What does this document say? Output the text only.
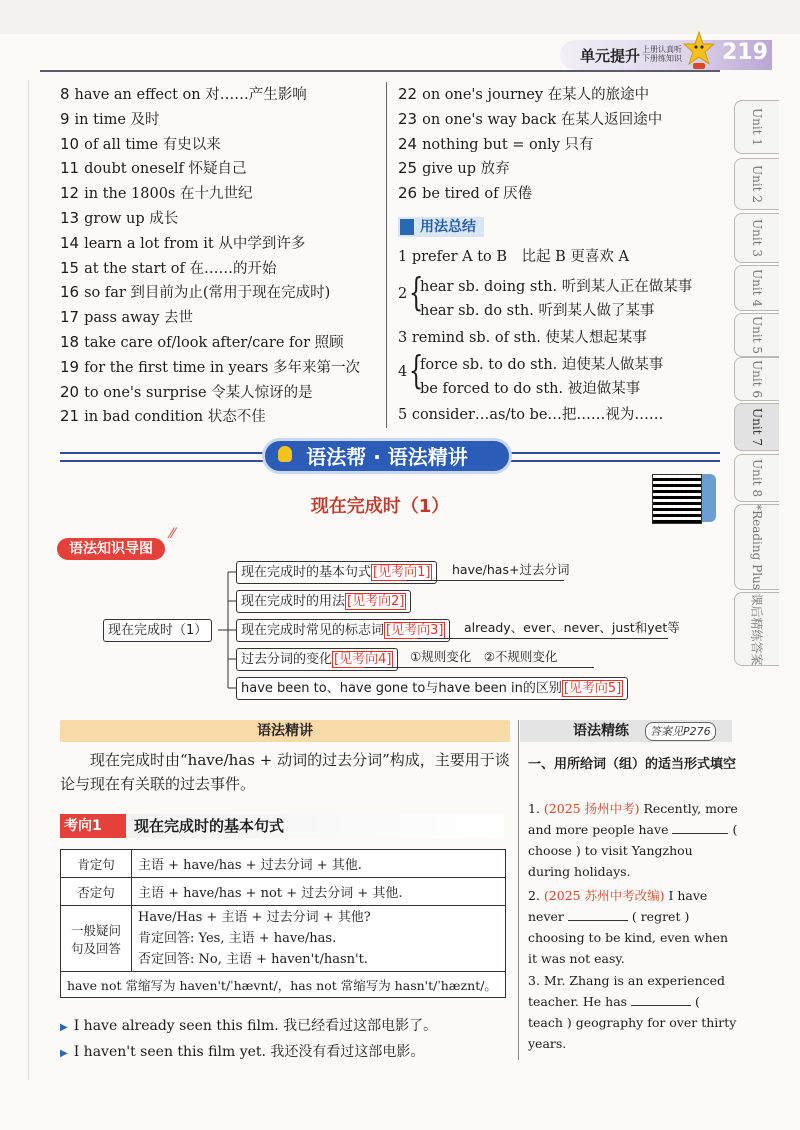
单元提升 上册认真听
下册练知识 219
8 have an effect on 对……产生影响
9 in time 及时
10 of all time 有史以来
11 doubt oneself 怀疑自己
12 in the 1800s 在十九世纪
13 grow up 成长
14 learn a lot from it 从中学到许多
15 at the start of 在……的开始
16 so far 到目前为止(常用于现在完成时)
17 pass away 去世
18 take care of/look after/care for 照顾
19 for the first time in years 多年来第一次
20 to one's surprise 令某人惊讶的是
21 in bad condition 状态不佳
22 on one's journey 在某人的旅途中
23 on one's way back 在某人返回途中
24 nothing but = only 只有
25 give up 放弃
26 be tired of 厌倦
用法总结
1 prefer A to B　比起 B 更喜欢 A
2 {
hear sb. doing sth. 听到某人正在做某事
hear sb. do sth. 听到某人做了某事
3 remind sb. of sth. 使某人想起某事
4 {
force sb. to do sth. 迫使某人做某事
be forced to do sth. 被迫做某事
5 consider…as/to be…把……视为……
Unit 1
Unit 2
Unit 3
Unit 4
Unit 5
Unit 6
Unit 7
Unit 8
*Reading Plus
课后精练答案
语法帮 · 语法精讲
现在完成时（1）
语法知识导图
⁄⁄
现在完成时（1）
现在完成时的基本句式 [见考向1]	have/has+过去分词
现在完成时的用法 [见考向2]
现在完成时常见的标志词 [见考向3]	already、ever、never、just和yet等
过去分词的变化 [见考向4]	①规则变化　②不规则变化
have been to、have gone to与have been in的区别 [见考向5]
语法精讲	语法精练	答案见P276
现在完成时由“have/has + 动词的过去分词”构成，主要用于谈论与现在有关联的过去事件。
考向1 现在完成时的基本句式
肯定句	主语 + have/has + 过去分词 + 其他.
否定句	主语 + have/has + not + 过去分词 + 其他.
一般疑问句及回答	Have/Has + 主语 + 过去分词 + 其他?
肯定回答: Yes, 主语 + have/has.
否定回答: No, 主语 + haven't/hasn't.

have not 常缩写为 haven't/ˈhævnt/，has not 常缩写为 hasn't/ˈhæznt/。	
▶ I have already seen this film. 我已经看过这部电影了。
▶ I haven't seen this film yet. 我还没有看过这部电影。
一、用所给词（组）的适当形式填空
1. (2025 扬州中考) Recently, more and more people have	( choose ) to visit Yangzhou during holidays.
2. (2025 苏州中考改编) I have never	( regret ) choosing to be kind, even when it was not easy.
3. Mr. Zhang is an experienced teacher. He has	( teach ) geography for over thirty years.
